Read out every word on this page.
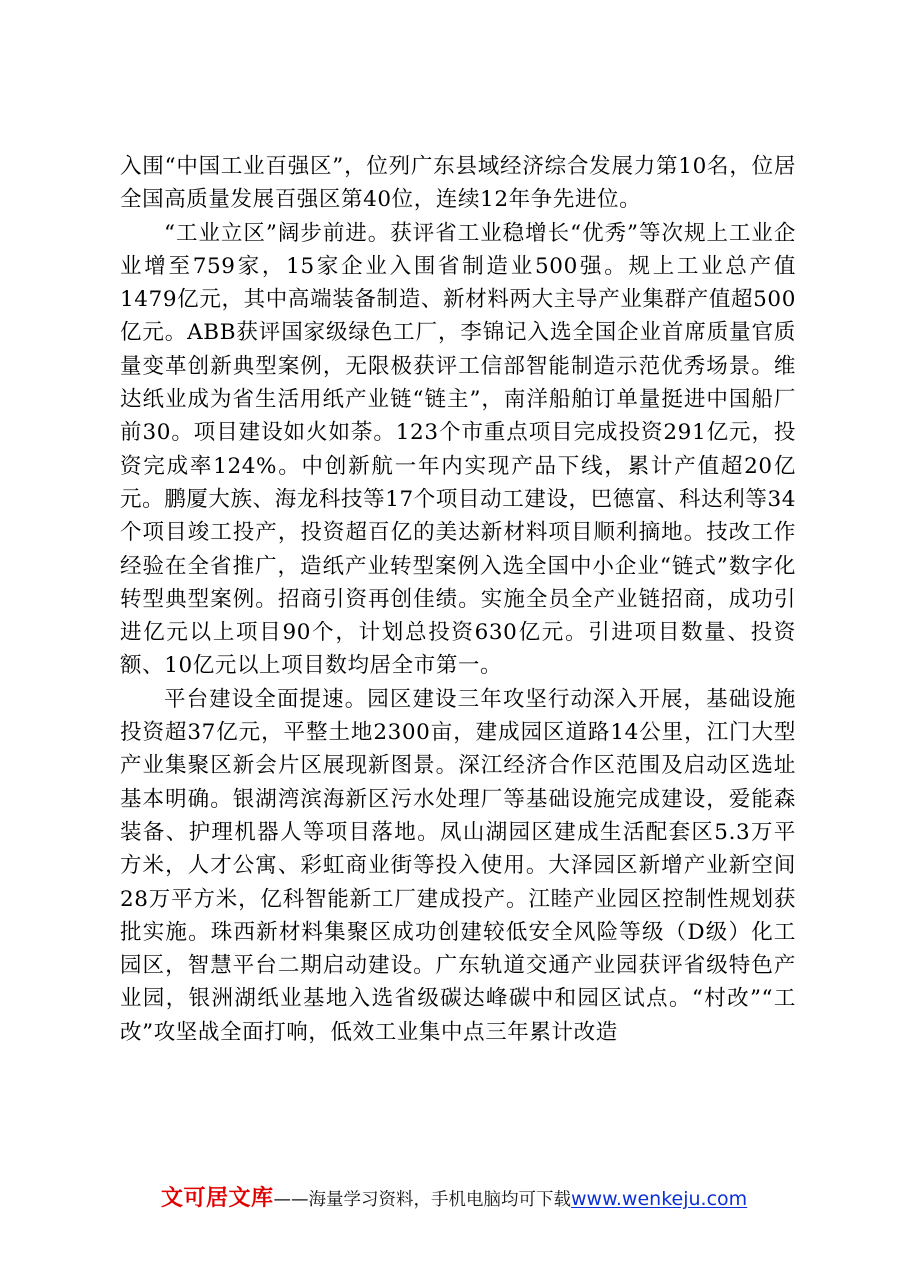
入围“中国工业百强区”，位列广东县域经济综合发展力第10名，位居全国高质量发展百强区第40位，连续12年争先进位。

“工业立区”阔步前进。获评省工业稳增长“优秀”等次规上工业企业增至759家，15家企业入围省制造业500强。规上工业总产值1479亿元，其中高端装备制造、新材料两大主导产业集群产值超500亿元。ABB获评国家级绿色工厂，李锦记入选全国企业首席质量官质量变革创新典型案例，无限极获评工信部智能制造示范优秀场景。维达纸业成为省生活用纸产业链“链主”，南洋船舶订单量挺进中国船厂前30。项目建设如火如荼。123个市重点项目完成投资291亿元，投资完成率124%。中创新航一年内实现产品下线，累计产值超20亿元。鹏厦大族、海龙科技等17个项目动工建设，巴德富、科达利等34个项目竣工投产，投资超百亿的美达新材料项目顺利摘地。技改工作经验在全省推广，造纸产业转型案例入选全国中小企业“链式”数字化转型典型案例。招商引资再创佳绩。实施全员全产业链招商，成功引进亿元以上项目90个，计划总投资630亿元。引进项目数量、投资额、10亿元以上项目数均居全市第一。

平台建设全面提速。园区建设三年攻坚行动深入开展，基础设施投资超37亿元，平整土地2300亩，建成园区道路14公里，江门大型产业集聚区新会片区展现新图景。深江经济合作区范围及启动区选址基本明确。银湖湾滨海新区污水处理厂等基础设施完成建设，爱能森装备、护理机器人等项目落地。凤山湖园区建成生活配套区5.3万平方米，人才公寓、彩虹商业街等投入使用。大泽园区新增产业新空间28万平方米，亿科智能新工厂建成投产。江睦产业园区控制性规划获批实施。珠西新材料集聚区成功创建较低安全风险等级（D级）化工园区，智慧平台二期启动建设。广东轨道交通产业园获评省级特色产业园，银洲湖纸业基地入选省级碳达峰碳中和园区试点。“村改”“工改”攻坚战全面打响，低效工业集中点三年累计改造

文可居文库 ——海量学习资料，手机电脑均可下载 www.wenkeju.com
